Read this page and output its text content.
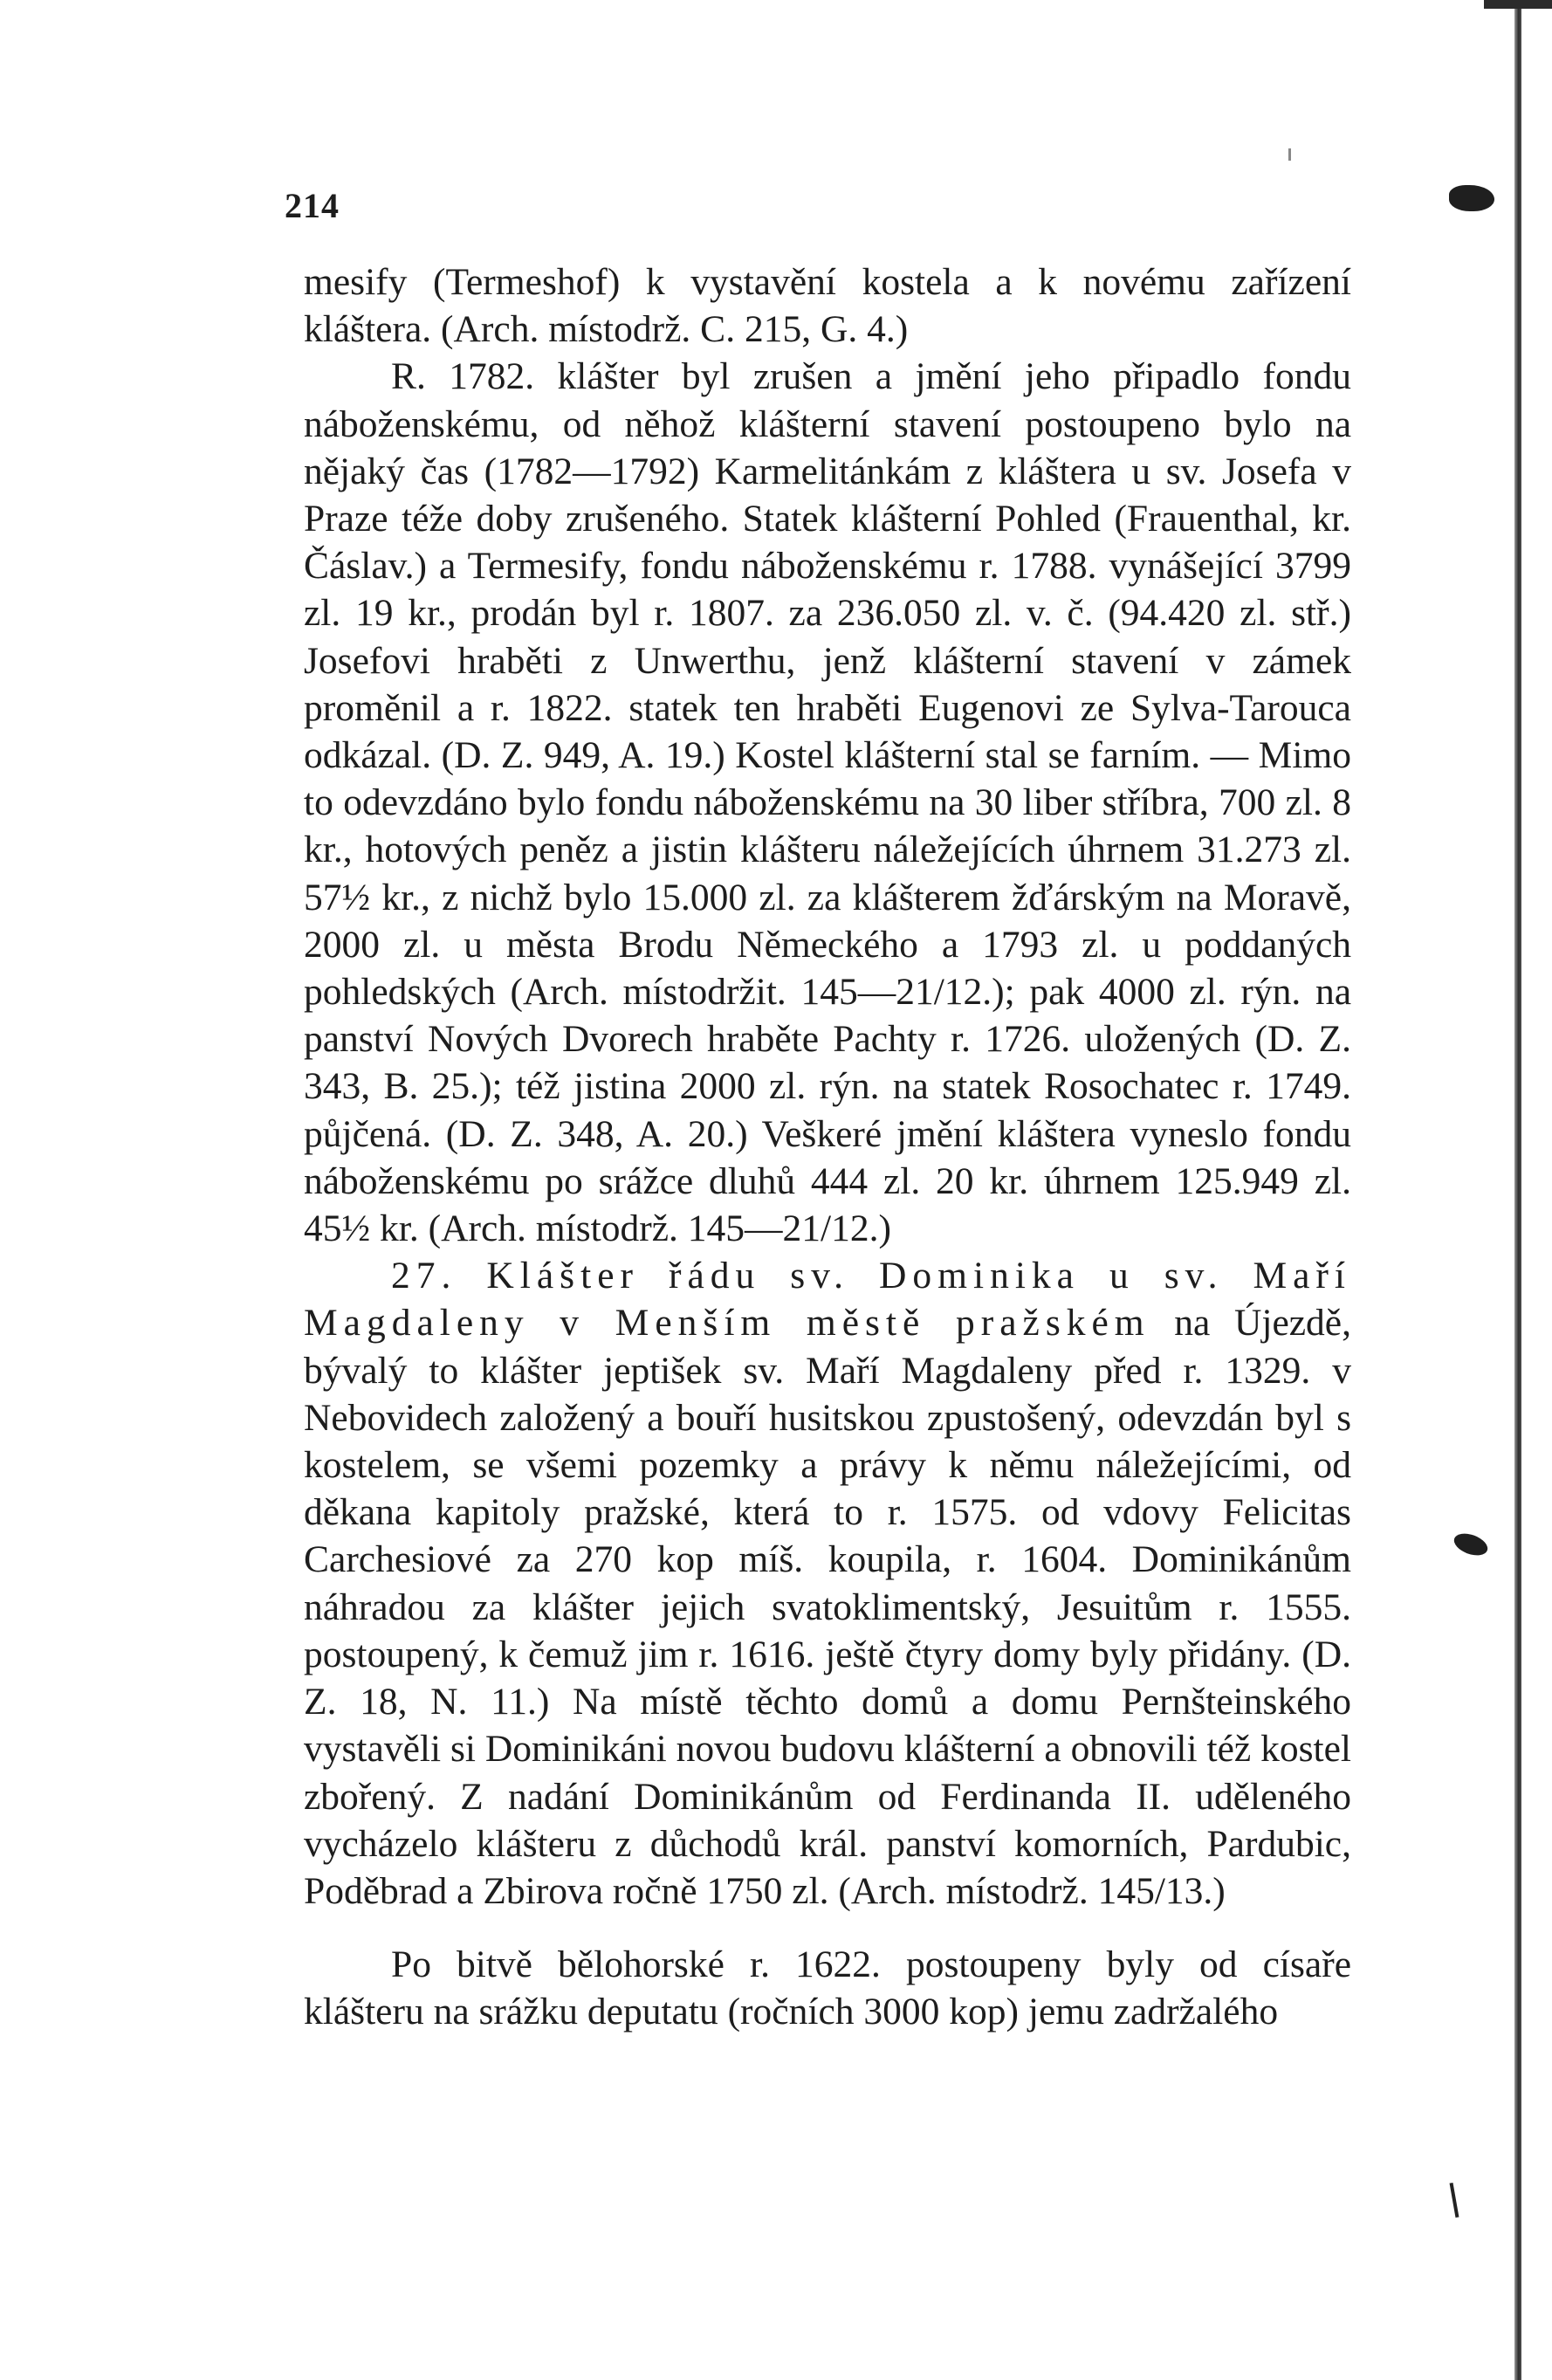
214

mesify (Termeshof) k vystavění kostela a k novému zařízení kláštera. (Arch. místodrž. C. 215, G. 4.)

R. 1782. klášter byl zrušen a jmění jeho připadlo fondu náboženskému, od něhož klášterní stavení postoupeno bylo na nějaký čas (1782—1792) Karmelitánkám z kláštera u sv. Josefa v Praze téže doby zrušeného. Statek klášterní Pohled (Frauenthal, kr. Čáslav.) a Termesify, fondu náboženskému r. 1788. vynášející 3799 zl. 19 kr., prodán byl r. 1807. za 236.050 zl. v. č. (94.420 zl. stř.) Josefovi hraběti z Unwerthu, jenž klášterní stavení v zámek proměnil a r. 1822. statek ten hraběti Eugenovi ze Sylva-Tarouca odkázal. (D. Z. 949, A. 19.) Kostel klášterní stal se farním. — Mimo to odevzdáno bylo fondu náboženskému na 30 liber stříbra, 700 zl. 8 kr., hotových peněz a jistin klášteru náležejících úhrnem 31.273 zl. 57½ kr., z nichž bylo 15.000 zl. za klášterem žďárským na Moravě, 2000 zl. u města Brodu Německého a 1793 zl. u poddaných pohledských (Arch. místodržit. 145—21/12.); pak 4000 zl. rýn. na panství Nových Dvorech hraběte Pachty r. 1726. uložených (D. Z. 343, B. 25.); též jistina 2000 zl. rýn. na statek Rosochatec r. 1749. půjčená. (D. Z. 348, A. 20.) Veškeré jmění kláštera vyneslo fondu náboženskému po srážce dluhů 444 zl. 20 kr. úhrnem 125.949 zl. 45½ kr. (Arch. místodrž. 145—21/12.)

27. Klášter řádu sv. Dominika u sv. Maří Magdaleny v Menším městě pražském na Újezdě, bývalý to klášter jeptišek sv. Maří Magdaleny před r. 1329. v Nebovidech založený a bouří husitskou zpustošený, odevzdán byl s kostelem, se všemi pozemky a právy k němu náležejícími, od děkana kapitoly pražské, která to r. 1575. od vdovy Felicitas Carchesiové za 270 kop míš. koupila, r. 1604. Dominikánům náhradou za klášter jejich svatoklimentský, Jesuitům r. 1555. postoupený, k čemuž jim r. 1616. ještě čtyry domy byly přidány. (D. Z. 18, N. 11.) Na místě těchto domů a domu Pernšteinského vystavěli si Dominikáni novou budovu klášterní a obnovili též kostel zbořený. Z nadání Dominikánům od Ferdinanda II. uděleného vycházelo klášteru z důchodů král. panství komorních, Pardubic, Poděbrad a Zbirova ročně 1750 zl. (Arch. místodrž. 145/13.)

Po bitvě bělohorské r. 1622. postoupeny byly od císaře klášteru na srážku deputatu (ročních 3000 kop) jemu zadržalého
